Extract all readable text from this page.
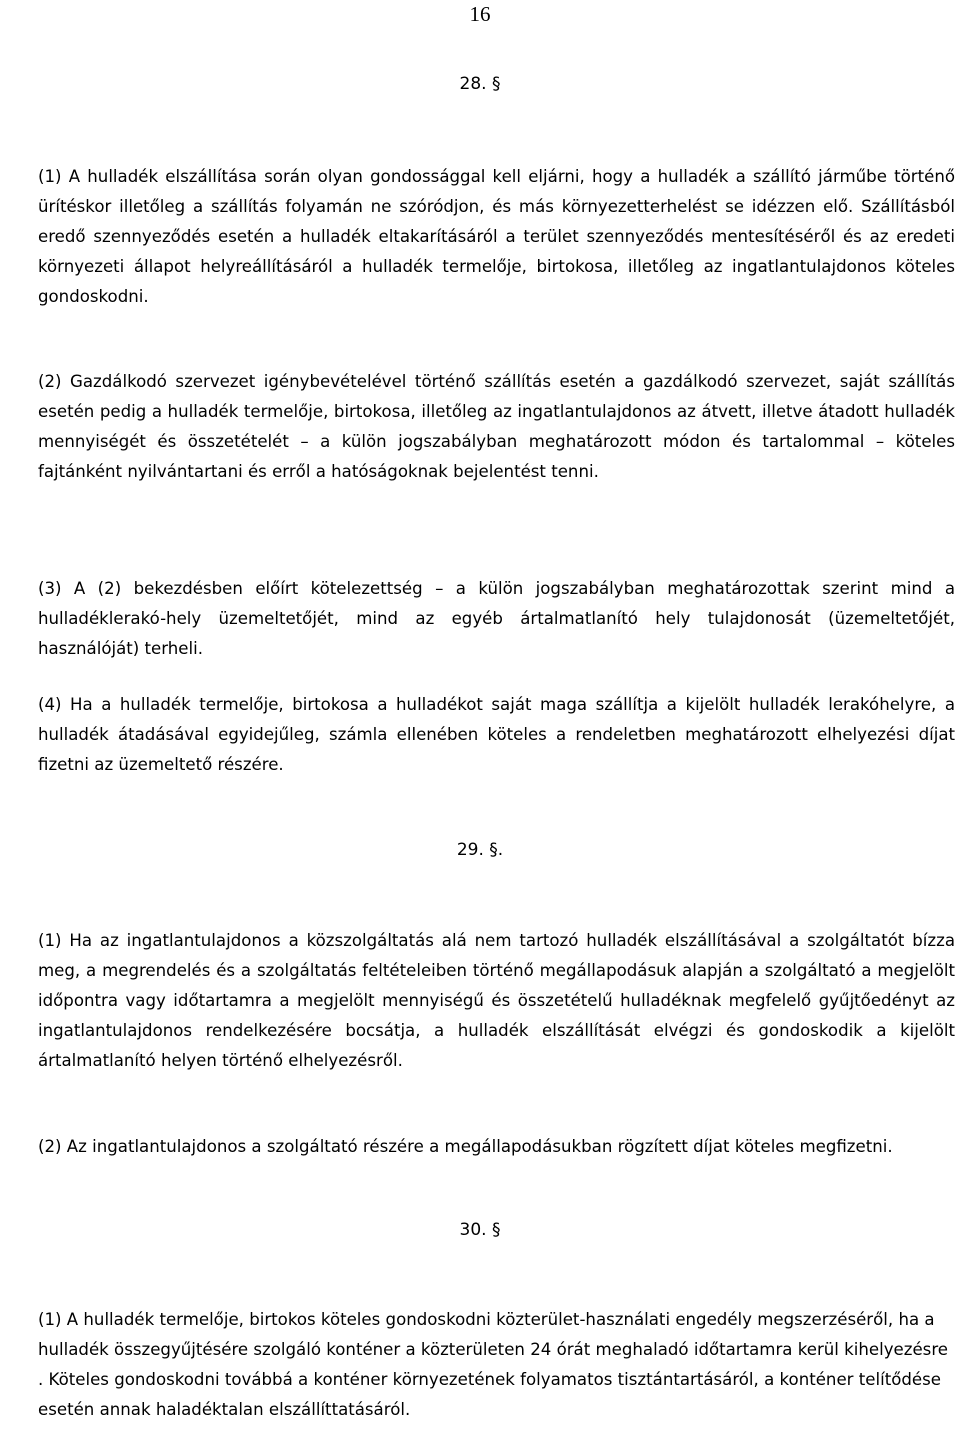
16
28. §

(1) A hulladék elszállítása során olyan gondossággal kell eljárni, hogy a hulladék a szállító járműbe történő ürítéskor illetőleg a szállítás folyamán ne szóródjon, és más környezetterhelést se idézzen elő. Szállításból eredő szennyeződés esetén a hulladék eltakarításáról a terület szennyeződés mentesítéséről és az eredeti környezeti állapot helyreállításáról a hulladék termelője, birtokosa, illetőleg az ingatlantulajdonos köteles gondoskodni.

(2) Gazdálkodó szervezet igénybevételével történő szállítás esetén a gazdálkodó szervezet, saját szállítás esetén pedig a hulladék termelője, birtokosa, illetőleg az ingatlantulajdonos az átvett, illetve átadott hulladék mennyiségét és összetételét – a külön jogszabályban meghatározott módon és tartalommal – köteles fajtánként nyilvántartani és erről a hatóságoknak bejelentést tenni.

(3) A (2) bekezdésben előírt kötelezettség – a külön jogszabályban meghatározottak szerint mind a hulladéklerakó-hely üzemeltetőjét, mind az egyéb ártalmatlanító hely tulajdonosát (üzemeltetőjét, használóját) terheli.

(4) Ha a hulladék termelője, birtokosa a hulladékot saját maga szállítja a kijelölt hulladék lerakóhelyre, a hulladék átadásával egyidejűleg, számla ellenében köteles a rendeletben meghatározott elhelyezési díjat fizetni az üzemeltető részére.

29. §.

(1) Ha az ingatlantulajdonos a közszolgáltatás alá nem tartozó hulladék elszállításával a szolgáltatót bízza meg, a megrendelés és a szolgáltatás feltételeiben történő megállapodásuk alapján a szolgáltató a megjelölt időpontra vagy időtartamra a megjelölt mennyiségű és összetételű hulladéknak megfelelő gyűjtőedényt az ingatlantulajdonos rendelkezésére bocsátja, a hulladék elszállítását elvégzi és gondoskodik a kijelölt ártalmatlanító helyen történő elhelyezésről.

(2) Az ingatlantulajdonos a szolgáltató részére a megállapodásukban rögzített díjat köteles megfizetni.

30. §

(1) A hulladék termelője, birtokos köteles gondoskodni közterület-használati engedély megszerzéséről, ha a hulladék összegyűjtésére szolgáló konténer a közterületen 24 órát meghaladó időtartamra kerül kihelyezésre . Köteles gondoskodni továbbá a konténer környezetének folyamatos tisztántartásáról, a konténer telítődése esetén annak haladéktalan elszállíttatásáról.
